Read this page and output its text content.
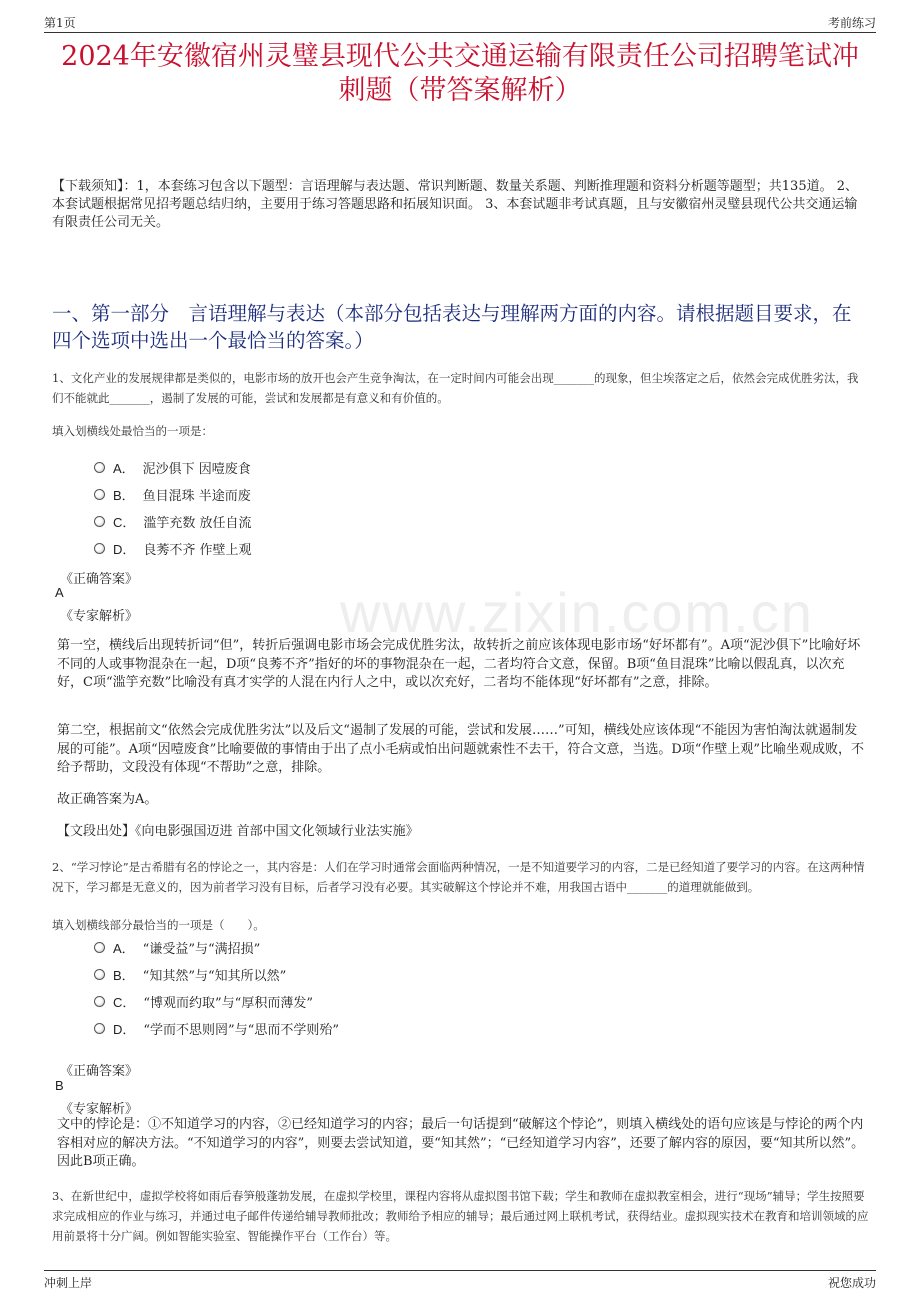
第1页	考前练习
www.zixin.com.cn
2024年安徽宿州灵璧县现代公共交通运输有限责任公司招聘笔试冲刺题（带答案解析）
【下载须知】：1，本套练习包含以下题型：言语理解与表达题、常识判断题、数量关系题、判断推理题和资料分析题等题型；共135道。 2、本套试题根据常见招考题总结归纳，主要用于练习答题思路和拓展知识面。 3、本套试题非考试真题，且与安徽宿州灵璧县现代公共交通运输有限责任公司无关。
一、第一部分　言语理解与表达（本部分包括表达与理解两方面的内容。请根据题目要求，在四个选项中选出一个最恰当的答案。）
1、文化产业的发展规律都是类似的，电影市场的放开也会产生竞争淘汰，在一定时间内可能会出现_______的现象，但尘埃落定之后，依然会完成优胜劣汰，我们不能就此_______，遏制了发展的可能，尝试和发展都是有意义和有价值的。
填入划横线处最恰当的一项是：
A． 泥沙俱下 因噎废食
B． 鱼目混珠 半途而废
C． 滥竽充数 放任自流
D． 良莠不齐 作壁上观
《正确答案》
A
《专家解析》
第一空，横线后出现转折词“但”，转折后强调电影市场会完成优胜劣汰，故转折之前应该体现电影市场“好坏都有”。A项“泥沙俱下”比喻好坏不同的人或事物混杂在一起，D项“良莠不齐”指好的坏的事物混杂在一起，二者均符合文意，保留。B项“鱼目混珠”比喻以假乱真，以次充好，C项“滥竽充数”比喻没有真才实学的人混在内行人之中，或以次充好，二者均不能体现“好坏都有”之意，排除。
第二空，根据前文“依然会完成优胜劣汰”以及后文“遏制了发展的可能，尝试和发展……”可知，横线处应该体现“不能因为害怕淘汰就遏制发展的可能”。A项“因噎废食”比喻要做的事情由于出了点小毛病或怕出问题就索性不去干，符合文意，当选。D项“作壁上观”比喻坐观成败，不给予帮助，文段没有体现“不帮助”之意，排除。
故正确答案为A。
【文段出处】《向电影强国迈进 首部中国文化领域行业法实施》
2、“学习悖论”是古希腊有名的悖论之一，其内容是：人们在学习时通常会面临两种情况，一是不知道要学习的内容，二是已经知道了要学习的内容。在这两种情况下，学习都是无意义的，因为前者学习没有目标，后者学习没有必要。其实破解这个悖论并不难，用我国古语中_______的道理就能做到。
填入划横线部分最恰当的一项是（　　）。
A． “谦受益”与“满招损”
B． “知其然”与“知其所以然”
C． “博观而约取”与“厚积而薄发”
D． “学而不思则罔”与“思而不学则殆”
《正确答案》
B
《专家解析》
文中的悖论是：①不知道学习的内容，②已经知道学习的内容；最后一句话提到“破解这个悖论”，则填入横线处的语句应该是与悖论的两个内容相对应的解决方法。“不知道学习的内容”，则要去尝试知道，要“知其然”；“已经知道学习内容”，还要了解内容的原因，要“知其所以然”。因此B项正确。
3、在新世纪中，虚拟学校将如雨后春笋般蓬勃发展，在虚拟学校里，课程内容将从虚拟图书馆下载；学生和教师在虚拟教室相会，进行“现场”辅导；学生按照要求完成相应的作业与练习，并通过电子邮件传递给辅导教师批改；教师给予相应的辅导；最后通过网上联机考试，获得结业。虚拟现实技术在教育和培训领域的应用前景将十分广阔。例如智能实验室、智能操作平台（工作台）等。
冲刺上岸	祝您成功
